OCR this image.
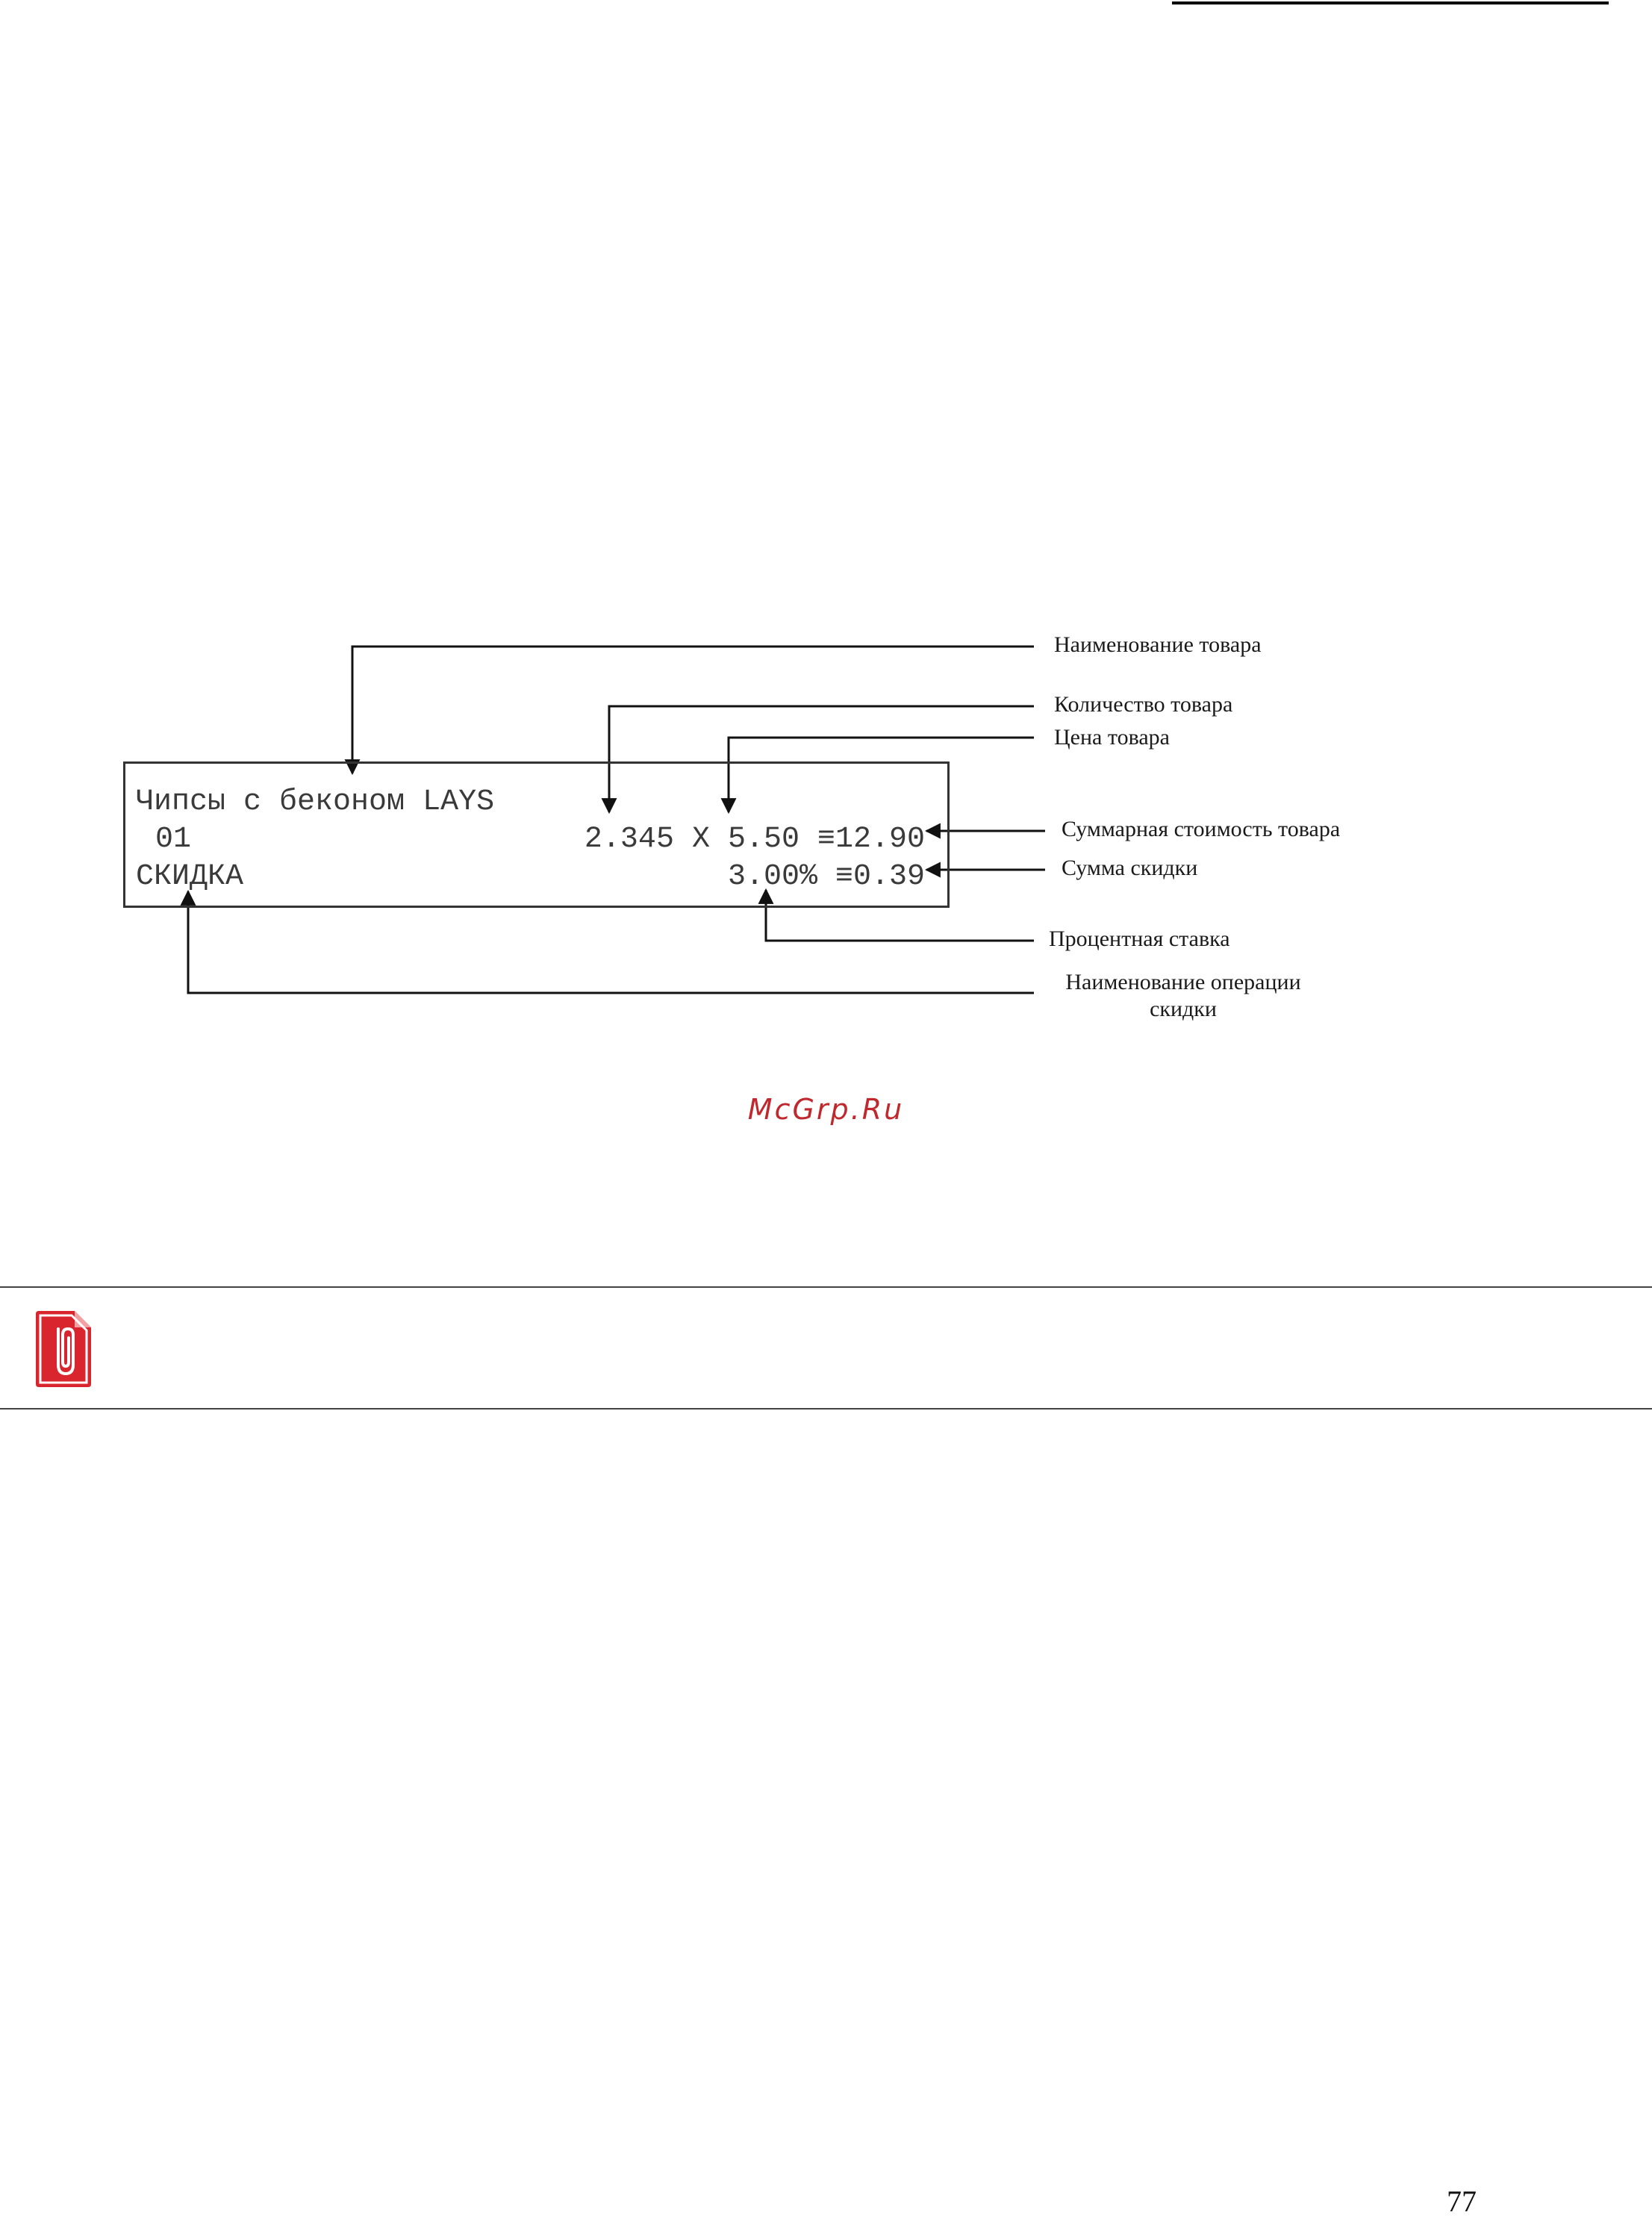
Чипсы с беконом LAYS
01	2.345 X 5.50 ≡12.90
СКИДКА	3.00% ≡0.39
Наименование товара
Количество товара
Цена товара
Суммарная стоимость товара
Сумма скидки
Процентная ставка
Наименование операции
скидки
McGrp.Ru
77
